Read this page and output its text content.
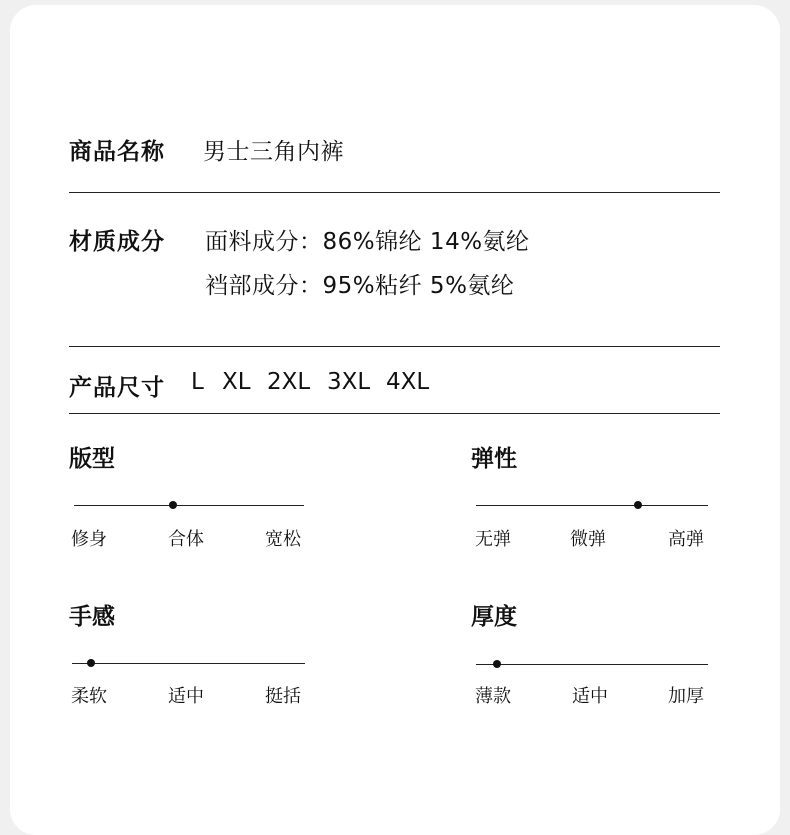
商品名称 男士三角内裤
材质成分 面料成分：86%锦纶 14%氨纶
裆部成分：95%粘纤 5%氨纶
产品尺寸 L XL 2XL 3XL 4XL
版型
修身	合体	宽松
弹性
无弹	微弹	高弹
手感
柔软	适中	挺括
厚度
薄款	适中	加厚
